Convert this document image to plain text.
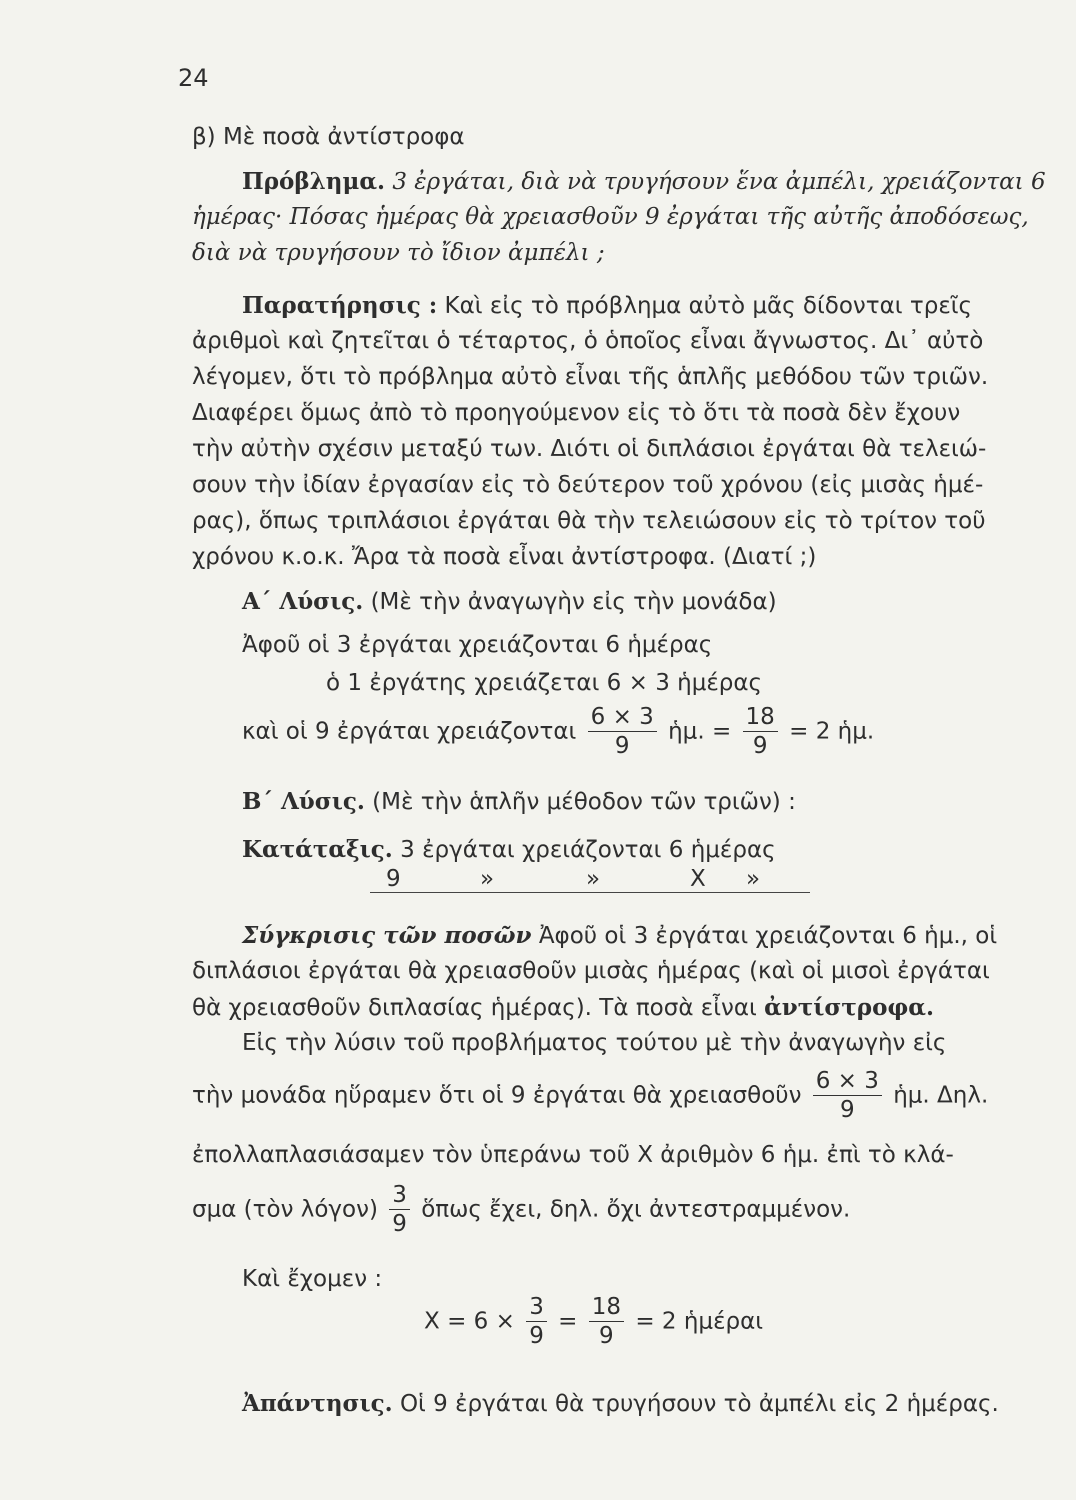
24
β) Μὲ ποσὰ ἀντίστροφα
Πρόβλημα. 3 ἐργάται, διὰ νὰ τρυγήσουν ἕνα ἀμπέλι, χρειάζονται 6
ἡμέρας· Πόσας ἡμέρας θὰ χρειασθοῦν 9 ἐργάται τῆς αὐτῆς ἀποδόσεως,
διὰ νὰ τρυγήσουν τὸ ἴδιον ἀμπέλι ;
Παρατήρησις : Καὶ εἰς τὸ πρόβλημα αὐτὸ μᾶς δίδονται τρεῖς
ἀριθμοὶ καὶ ζητεῖται ὁ τέταρτος, ὁ ὁποῖος εἶναι ἄγνωστος. Δι᾽ αὐτὸ
λέγομεν, ὅτι τὸ πρόβλημα αὐτὸ εἶναι τῆς ἁπλῆς μεθόδου τῶν τριῶν.
Διαφέρει ὅμως ἀπὸ τὸ προηγούμενον εἰς τὸ ὅτι τὰ ποσὰ δὲν ἔχουν
τὴν αὐτὴν σχέσιν μεταξύ των. Διότι οἱ διπλάσιοι ἐργάται θὰ τελειώ-
σουν τὴν ἰδίαν ἐργασίαν εἰς τὸ δεύτερον τοῦ χρόνου (εἰς μισὰς ἡμέ-
ρας), ὅπως τριπλάσιοι ἐργάται θὰ τὴν τελειώσουν εἰς τὸ τρίτον τοῦ
χρόνου κ.ο.κ. Ἄρα τὰ ποσὰ εἶναι ἀντίστροφα. (Διατί ;)
Α΄ Λύσις. (Μὲ τὴν ἀναγωγὴν εἰς τὴν μονάδα)
Ἀφοῦ οἱ 3 ἐργάται χρειάζονται 6 ἡμέρας
ὁ 1 ἐργάτης χρειάζεται 6 × 3 ἡμέρας
καὶ οἱ 9 ἐργάται χρειάζονται $\frac{6 \times 3}{9}$ ἡμ. = $\frac{18}{9} = 2$ ἡμ.
Β΄ Λύσις. (Μὲ τὴν ἁπλῆν μέθοδον τῶν τριῶν) :
Κατάταξις. 3 ἐργάται χρειάζονται 6 ἡμέρας
9	»	»	Χ »
Σύγκρισις τῶν ποσῶν Ἀφοῦ οἱ 3 ἐργάται χρειάζονται 6 ἡμ., οἱ
διπλάσιοι ἐργάται θὰ χρειασθοῦν μισὰς ἡμέρας (καὶ οἱ μισοὶ ἐργάται
θὰ χρειασθοῦν διπλασίας ἡμέρας). Τὰ ποσὰ εἶναι ἀντίστροφα.
Εἰς τὴν λύσιν τοῦ προβλήματος τούτου μὲ τὴν ἀναγωγὴν εἰς
τὴν μονάδα ηὕραμεν ὅτι οἱ 9 ἐργάται θὰ χρειασθοῦν $\frac{6 \times 3}{9}$ ἡμ. Δηλ.
ἐπολλαπλασιάσαμεν τὸν ὑπεράνω τοῦ Χ ἀριθμὸν 6 ἡμ. ἐπὶ τὸ κλά-
σμα (τὸν $\lambda ό\gamma o\nu) \frac{3}{9}$ ὅπως ἔχει, δηλ. ὄχι ἀντεστραμμένον.
Καὶ ἔχομεν :
$X = 6 \times \frac{3}{9} = \frac{18}{9} = 2$ ἡμέραι
Ἀπάντησις. Οἱ 9 ἐργάται θὰ τρυγήσουν τὸ ἀμπέλι εἰς 2 ἡμέρας.
